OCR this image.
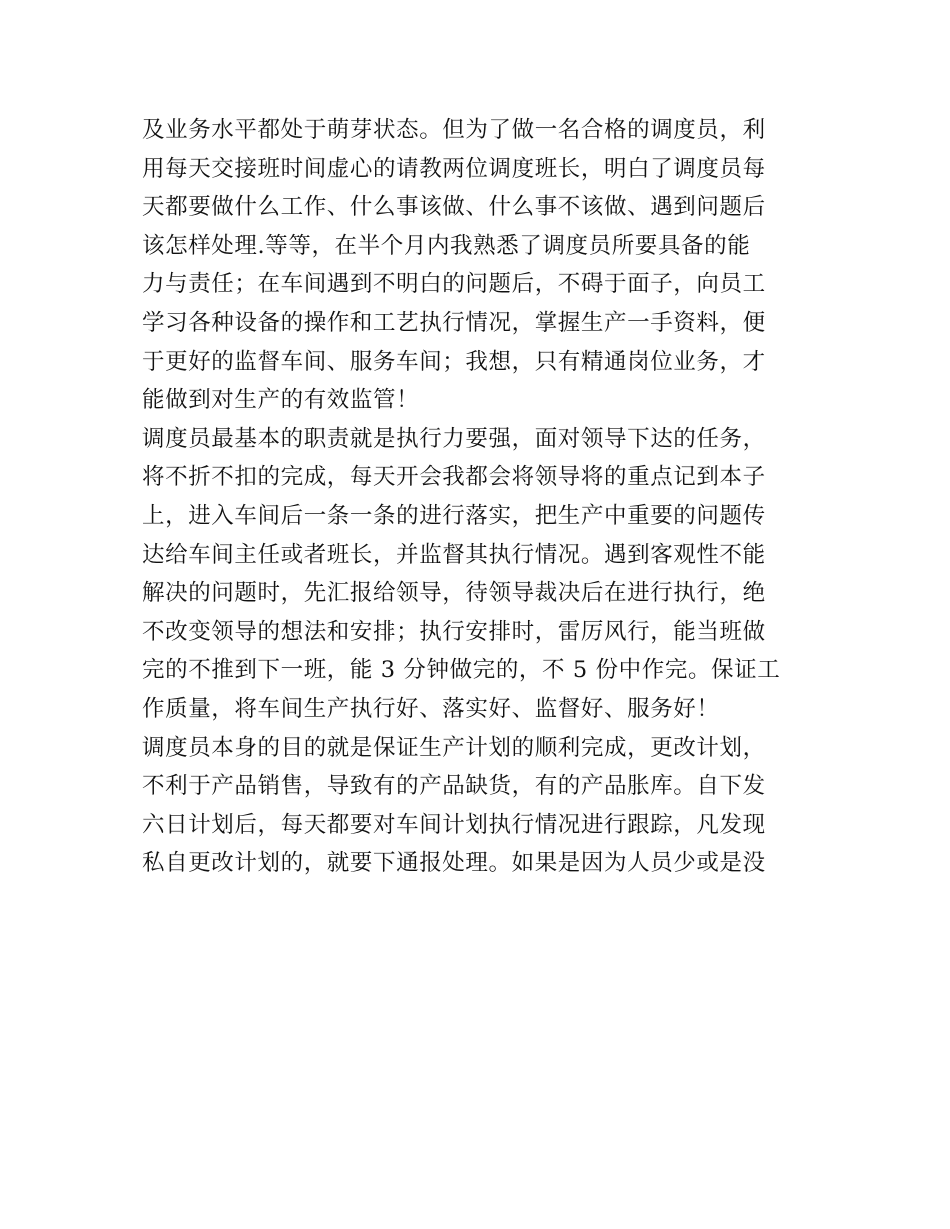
及业务水平都处于萌芽状态。但为了做一名合格的调度员，利
用每天交接班时间虚心的请教两位调度班长，明白了调度员每
天都要做什么工作、什么事该做、什么事不该做、遇到问题后
该怎样处理.等等，在半个月内我熟悉了调度员所要具备的能
力与责任；在车间遇到不明白的问题后，不碍于面子，向员工
学习各种设备的操作和工艺执行情况，掌握生产一手资料，便
于更好的监督车间、服务车间；我想，只有精通岗位业务，才
能做到对生产的有效监管！
调度员最基本的职责就是执行力要强，面对领导下达的任务，
将不折不扣的完成，每天开会我都会将领导将的重点记到本子
上，进入车间后一条一条的进行落实，把生产中重要的问题传
达给车间主任或者班长，并监督其执行情况。遇到客观性不能
解决的问题时，先汇报给领导，待领导裁决后在进行执行，绝
不改变领导的想法和安排；执行安排时，雷厉风行，能当班做
完的不推到下一班，能 3 分钟做完的，不 5 份中作完。保证工
作质量，将车间生产执行好、落实好、监督好、服务好！
调度员本身的目的就是保证生产计划的顺利完成，更改计划，
不利于产品销售，导致有的产品缺货，有的产品胀库。自下发
六日计划后，每天都要对车间计划执行情况进行跟踪，凡发现
私自更改计划的，就要下通报处理。如果是因为人员少或是没
